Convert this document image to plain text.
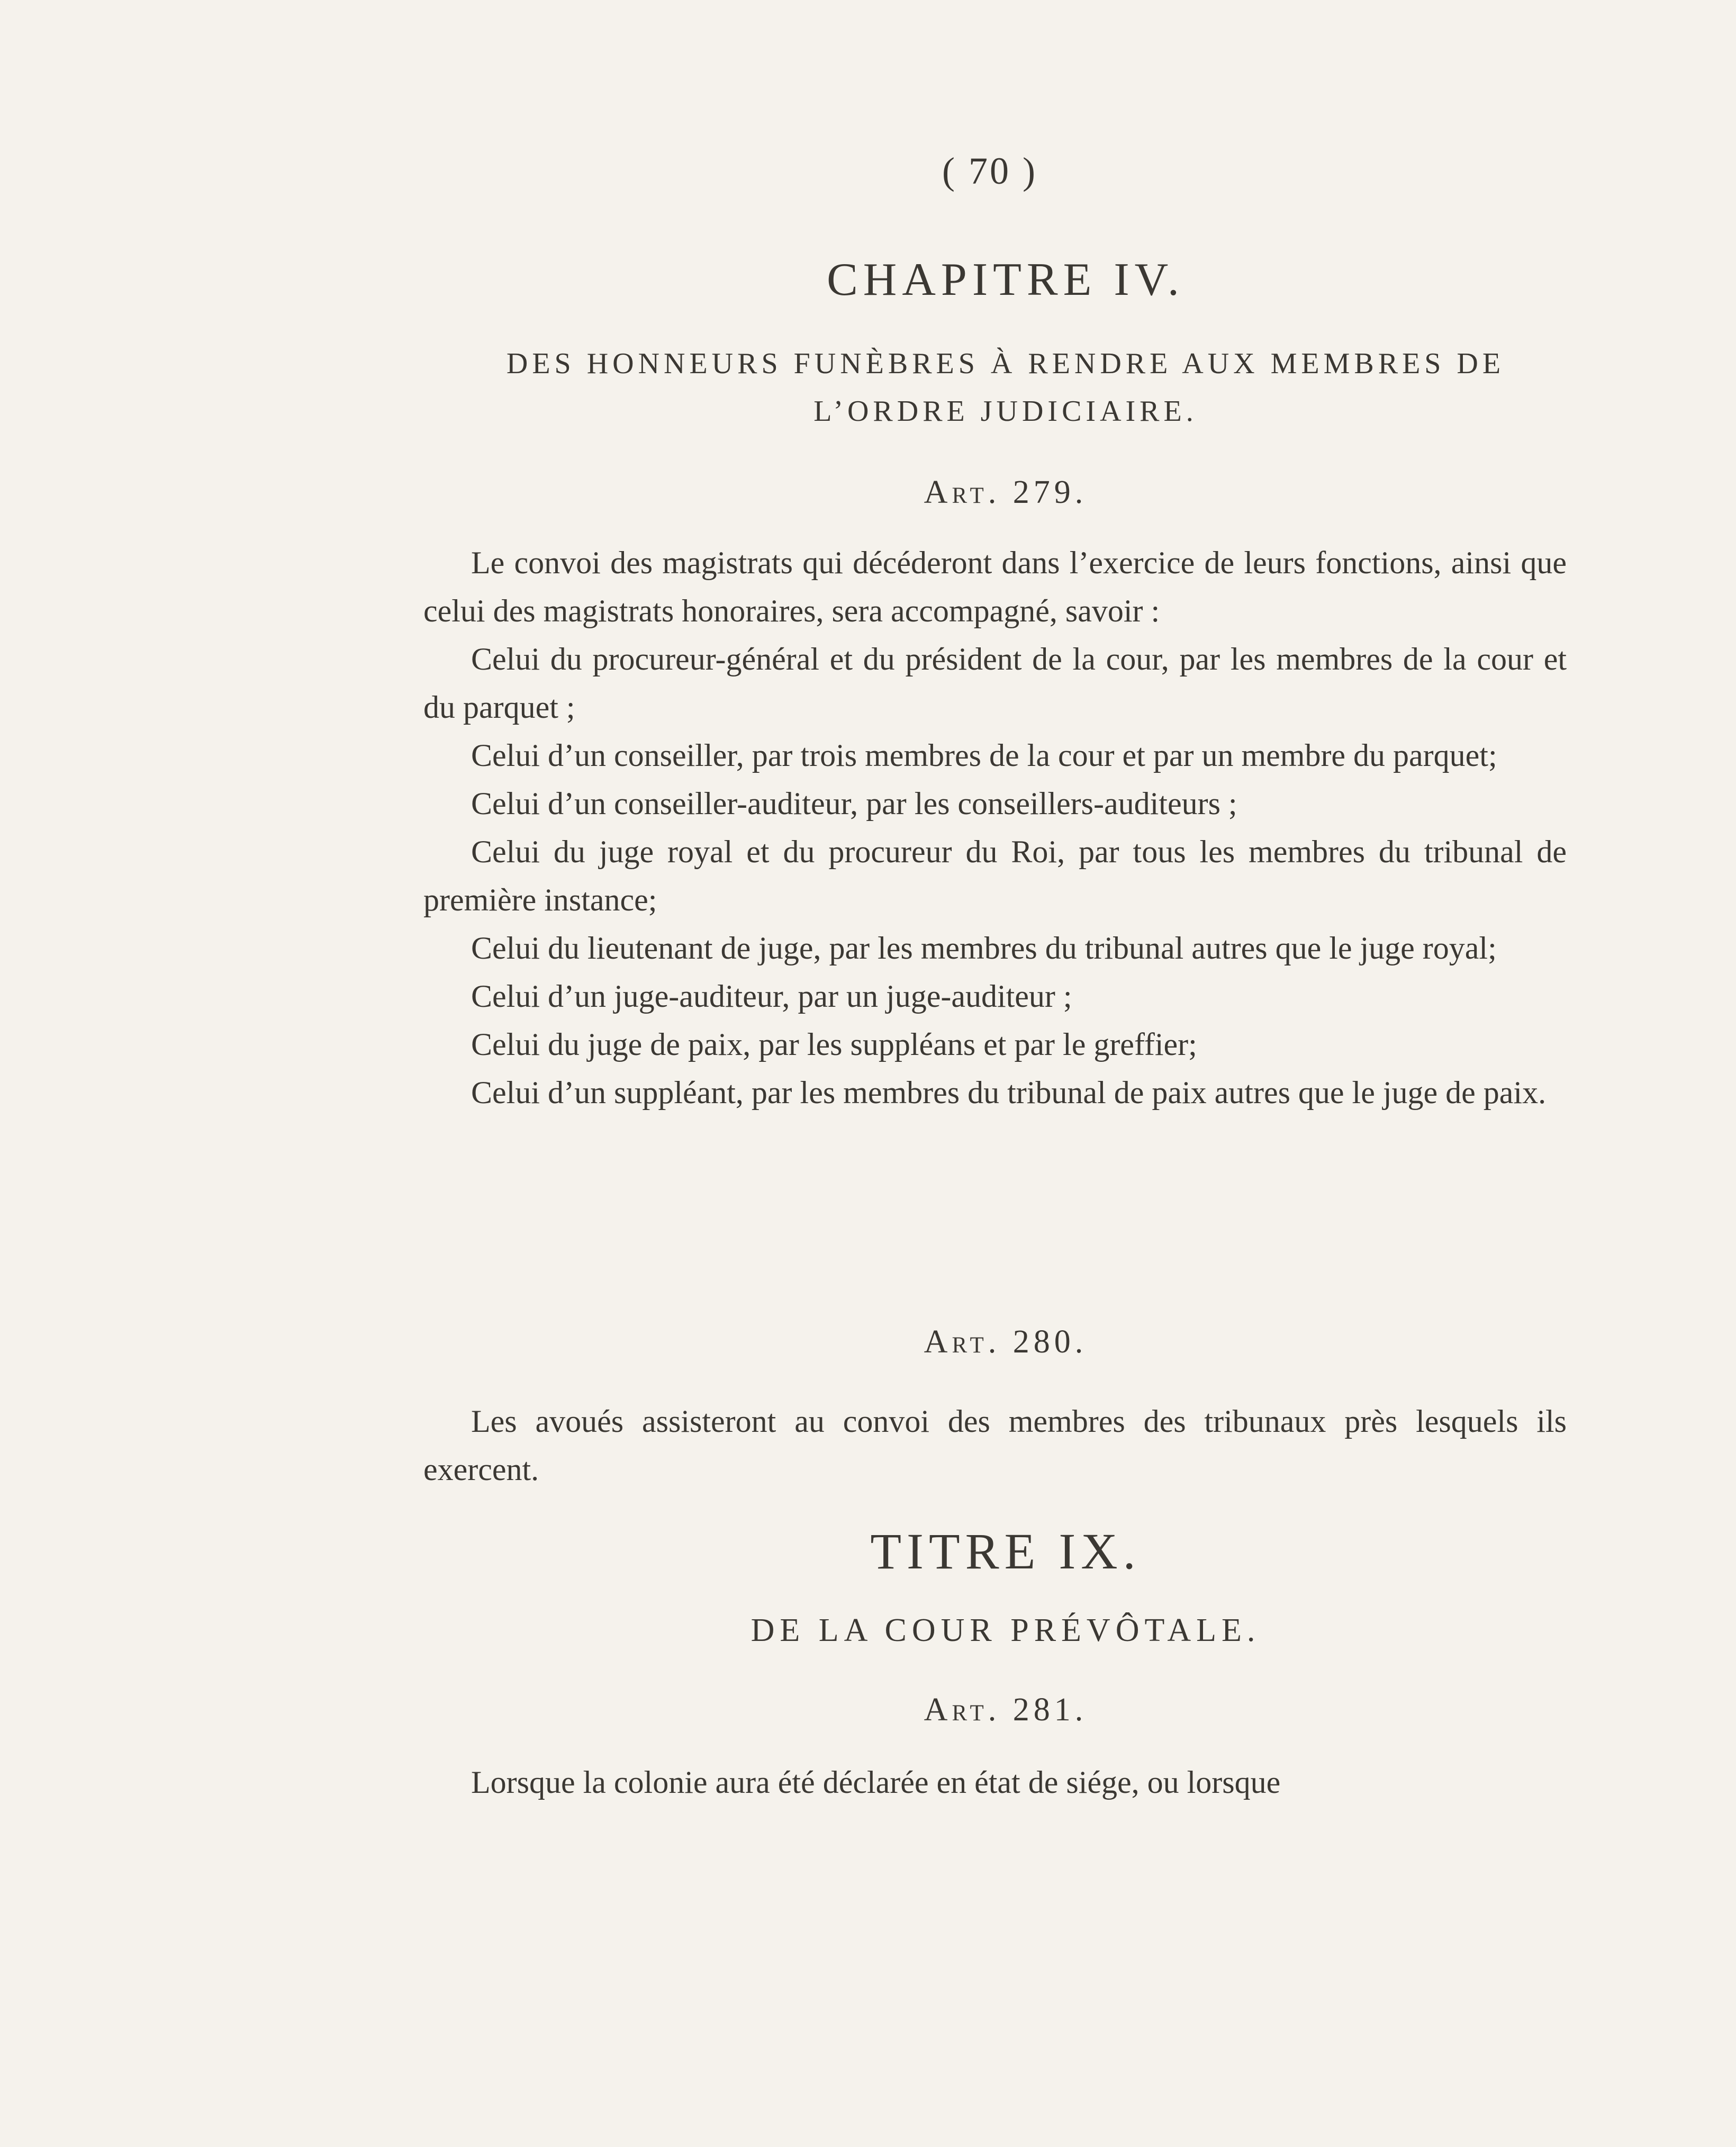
( 70 )
CHAPITRE IV.
DES HONNEURS FUNÈBRES À RENDRE AUX MEMBRES DE
L’ORDRE JUDICIAIRE.
Art. 279.

Le convoi des magistrats qui décéderont dans l’exercice de leurs fonctions, ainsi que celui des magistrats honoraires, sera accompagné, savoir :

Celui du procureur-général et du président de la cour, par les membres de la cour et du parquet ;

Celui d’un conseiller, par trois membres de la cour et par un membre du parquet;

Celui d’un conseiller-auditeur, par les conseillers-auditeurs ;

Celui du juge royal et du procureur du Roi, par tous les membres du tribunal de première instance;

Celui du lieutenant de juge, par les membres du tribunal autres que le juge royal;

Celui d’un juge-auditeur, par un juge-auditeur ;

Celui du juge de paix, par les suppléans et par le greffier;

Celui d’un suppléant, par les membres du tribunal de paix autres que le juge de paix.

Art. 280.

Les avoués assisteront au convoi des membres des tribunaux près lesquels ils exercent.

TITRE IX.
DE LA COUR PRÉVÔTALE.
Art. 281.

Lorsque la colonie aura été déclarée en état de siége, ou lorsque
